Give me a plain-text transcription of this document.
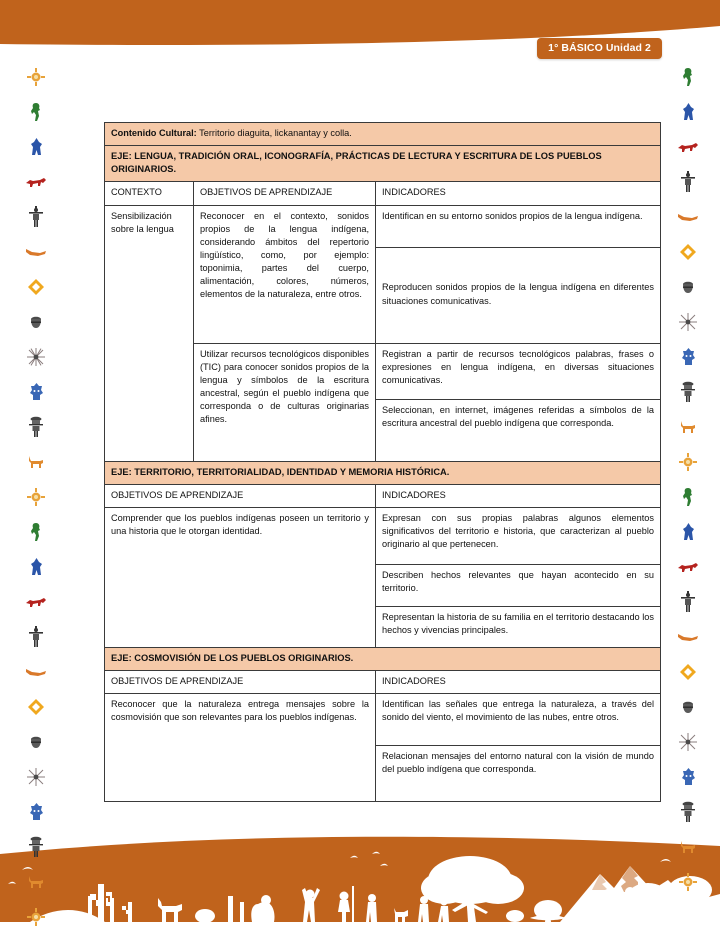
1° BÁSICO Unidad 2
Contenido Cultural: Territorio diaguita, lickanantay y colla.		
EJE: LENGUA, TRADICIÓN ORAL, ICONOGRAFÍA, PRÁCTICAS DE LECTURA Y ESCRITURA DE LOS PUEBLOS ORIGINARIOS.		
CONTEXTO	OBJETIVOS DE APRENDIZAJE	INDICADORES
Sensibilización sobre la lengua	Reconocer en el contexto, sonidos propios de la lengua indígena, considerando ámbitos del repertorio lingüístico, como, por ejemplo: toponimia, partes del cuerpo, alimentación, colores, números, elementos de la naturaleza, entre otros.	Identifican en su entorno sonidos propios de la lengua indígena.
		Reproducen sonidos propios de la lengua indígena en diferentes situaciones comunicativas.
	Utilizar recursos tecnológicos disponibles (TIC) para conocer sonidos propios de la lengua y símbolos de la escritura ancestral, según el pueblo indígena que corresponda o de culturas originarias afines.	Registran a partir de recursos tecnológicos palabras, frases o expresiones en lengua indígena, en diversas situaciones comunicativas.
		Seleccionan, en internet, imágenes referidas a símbolos de la escritura ancestral del pueblo indígena que corresponda.
EJE: TERRITORIO, TERRITORIALIDAD, IDENTIDAD Y MEMORIA HISTÓRICA.		
OBJETIVOS DE APRENDIZAJE		INDICADORES
Comprender que los pueblos indígenas poseen un territorio y una historia que le otorgan identidad.		Expresan con sus propias palabras algunos elementos significativos del territorio e historia, que caracterizan al pueblo originario al que pertenecen.
		Describen hechos relevantes que hayan acontecido en su territorio.
		Representan la historia de su familia en el territorio destacando los hechos y vivencias principales.
EJE: COSMOVISIÓN DE LOS PUEBLOS ORIGINARIOS.		
OBJETIVOS DE APRENDIZAJE		INDICADORES
Reconocer que la naturaleza entrega mensajes sobre la cosmovisión que son relevantes para los pueblos indígenas.		Identifican las señales que entrega la naturaleza, a través del sonido del viento, el movimiento de las nubes, entre otros.
		Relacionan mensajes del entorno natural con la visión de mundo del pueblo indígena que corresponda.
